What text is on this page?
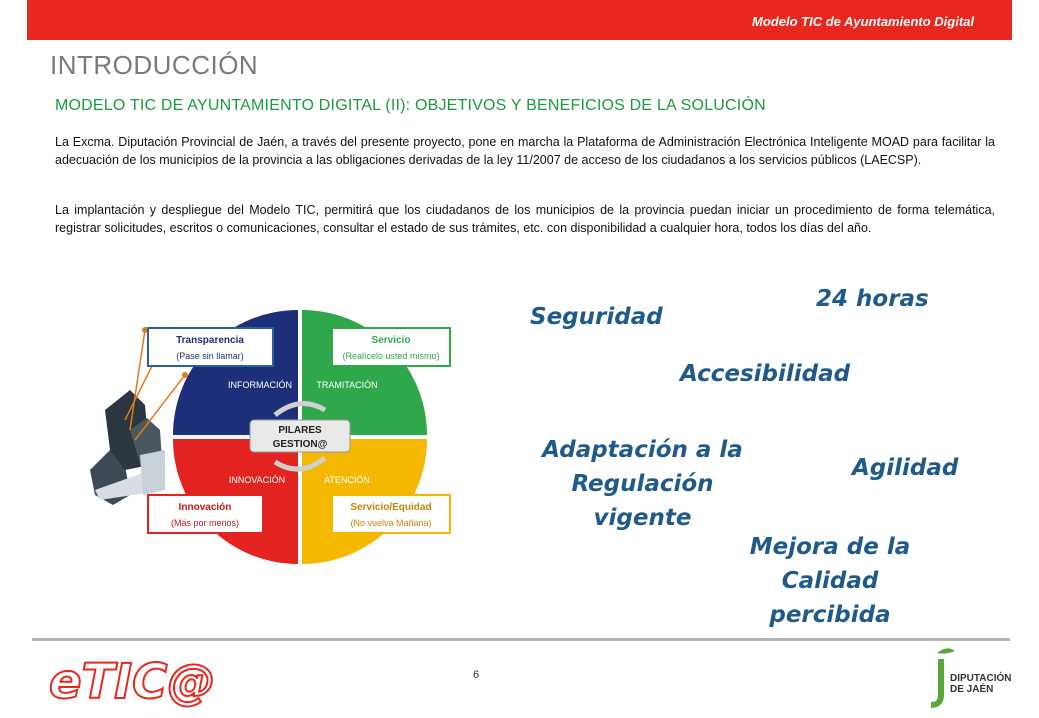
Modelo TIC de Ayuntamiento Digital
INTRODUCCIÓN
MODELO TIC DE AYUNTAMIENTO DIGITAL (II): OBJETIVOS Y BENEFICIOS DE LA SOLUCIÓN
La Excma. Diputación Provincial de Jaén, a través del presente proyecto, pone en marcha la Plataforma de Administración Electrónica Inteligente MOAD para facilitar la adecuación de los municipios de la provincia a las obligaciones derivadas de la ley 11/2007 de acceso de los ciudadanos a los servicios públicos (LAECSP).
La implantación y despliegue del Modelo TIC, permitirá que los ciudadanos de los municipios de la provincia puedan iniciar un procedimiento de forma telemática, registrar solicitudes, escritos o comunicaciones, consultar el estado de sus trámites, etc. con disponibilidad a cualquier hora, todos los días del año.
INFORMACIÓN	TRAMITACIÓN
INNOVACIÓN	ATENCIÓN
PILARES
GESTION@
Transparencia
(Pase sin llamar)
Servicio
(Realícelo usted mismo)
Innovación
(Más por menos)
Servicio/Equidad
(No vuelva Mañana)
Seguridad
24 horas
Accesibilidad
Adaptación a la Regulación vigente
Agilidad
Mejora de la Calidad percibida
6
eTIC@	DIPUTACIÓN
DE JAÉN
